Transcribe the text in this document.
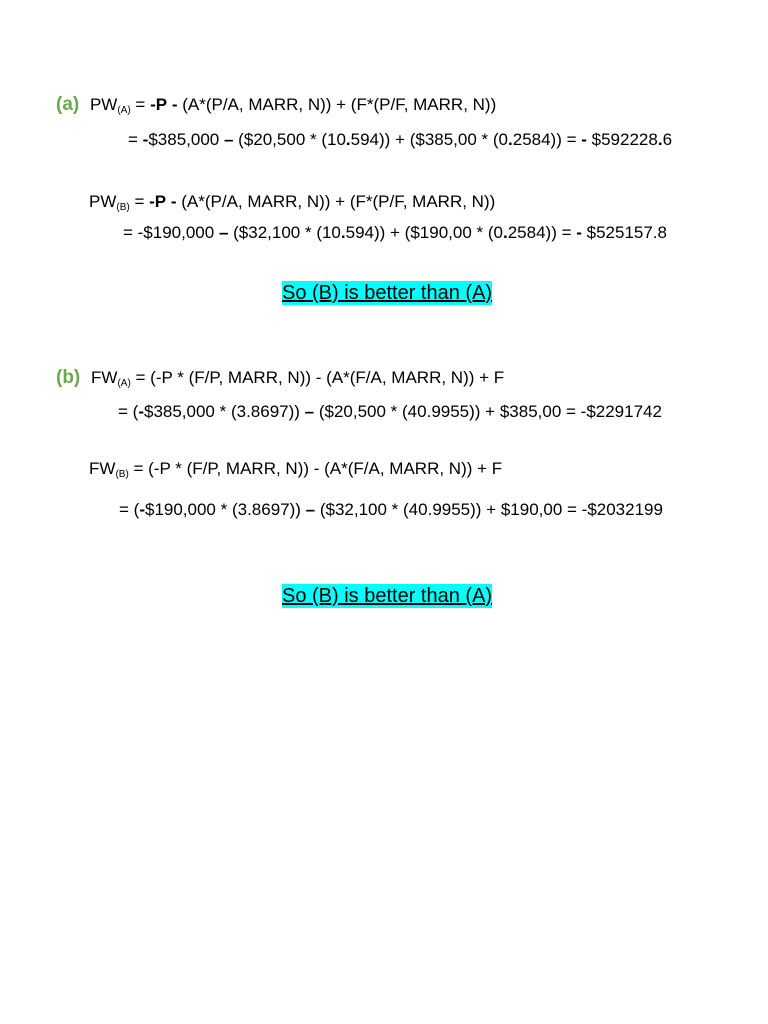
(a) $PW_{(A)} = -P - (A*(P/A$, MARR, N)) + (F*(P/F, MARR, N))
= -$385,000 – ($20,500 * (10.594)) + ($385,00 * (0.2584)) = - $592228.6
$PW_{(B)} = -P - (A*(P/A$, MARR, N)) + (F*(P/F, MARR, N))
= -$190,000 – ($32,100 * (10.594)) + ($190,00 * (0.2584)) = - $525157.8
So (B) is better than (A)
(b) $FW_{(A)} = (-P * (F/P$, MARR, N)) - (A*(F/A, MARR, N)) + F
= (-$385,000 * (3.8697)) – ($20,500 * (40.9955)) + $385,00 = -$2291742
$FW_{(B)} = (-P * (F/P$, MARR, N)) - (A*(F/A, MARR, N)) + F
= (-$190,000 * (3.8697)) – ($32,100 * (40.9955)) + $190,00 = -$2032199
So (B) is better than (A)
